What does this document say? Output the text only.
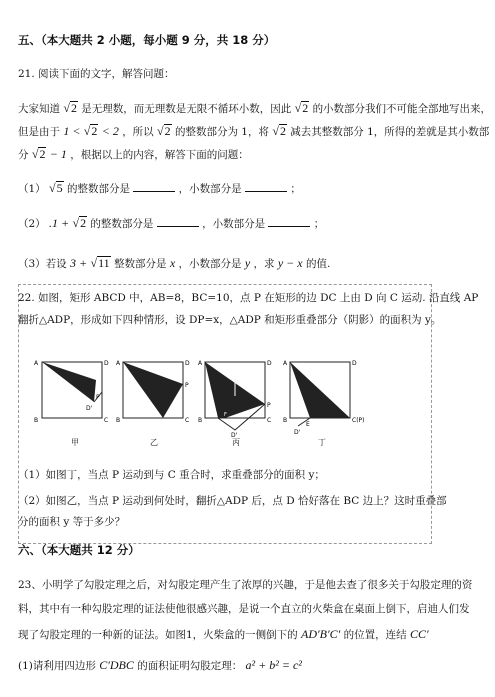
五、（本大题共 2 小题，每小题 9 分，共 18 分）
21. 阅读下面的文字，解答问题：
大家知道 √2 是无理数，而无理数是无限不循环小数，因此 √2 的小数部分我们不可能全部地写出来，
但是由于 1 < √2 < 2 ，所以 √2 的整数部分为 1，将 √2 减去其整数部分 1，所得的差就是其小数部
分 √2 − 1 ，根据以上的内容，解答下面的问题：
（1） √5 的整数部分是	，小数部分是	；
（2） .1 + √2 的整数部分是	，小数部分是	；
（3）若设 3 + √11 整数部分是 x ，小数部分是 y ，求 y − x 的值.
22. 如图，矩形 ABCD 中，AB=8，BC=10，点 P 在矩形的边 DC 上由 D 向 C 运动. 沿直线 AP
翻折△ADP，形成如下四种情形，设 DP=x，△ADP 和矩形重叠部分（阴影）的面积为 y。
A	D
B	C
P
D'
A	D
B	C
P
A	D
B	C
P
D'
E F
A	D
B	C(P)
E
D'
甲	乙	丙	丁
（1）如图丁，当点 P 运动到与 C 重合时，求重叠部分的面积 y；
（2）如图乙，当点 P 运动到何处时，翻折△ADP 后，点 D 恰好落在 BC 边上？这时重叠部
分的面积 y 等于多少？
六、（本大题共 12 分）
23、小明学了勾股定理之后，对勾股定理产生了浓厚的兴趣，于是他去查了很多关于勾股定理的资
料，其中有一种勾股定理的证法使他很感兴趣，是说一个直立的火柴盒在桌面上倒下，启迪人们发
现了勾股定理的一种新的证法。如图1，火柴盒的一侧倒下的 AD′B′C′ 的位置，连结 CC′
(1)请利用四边形 C′DBC 的面积证明勾股定理： a² + b² = c²
